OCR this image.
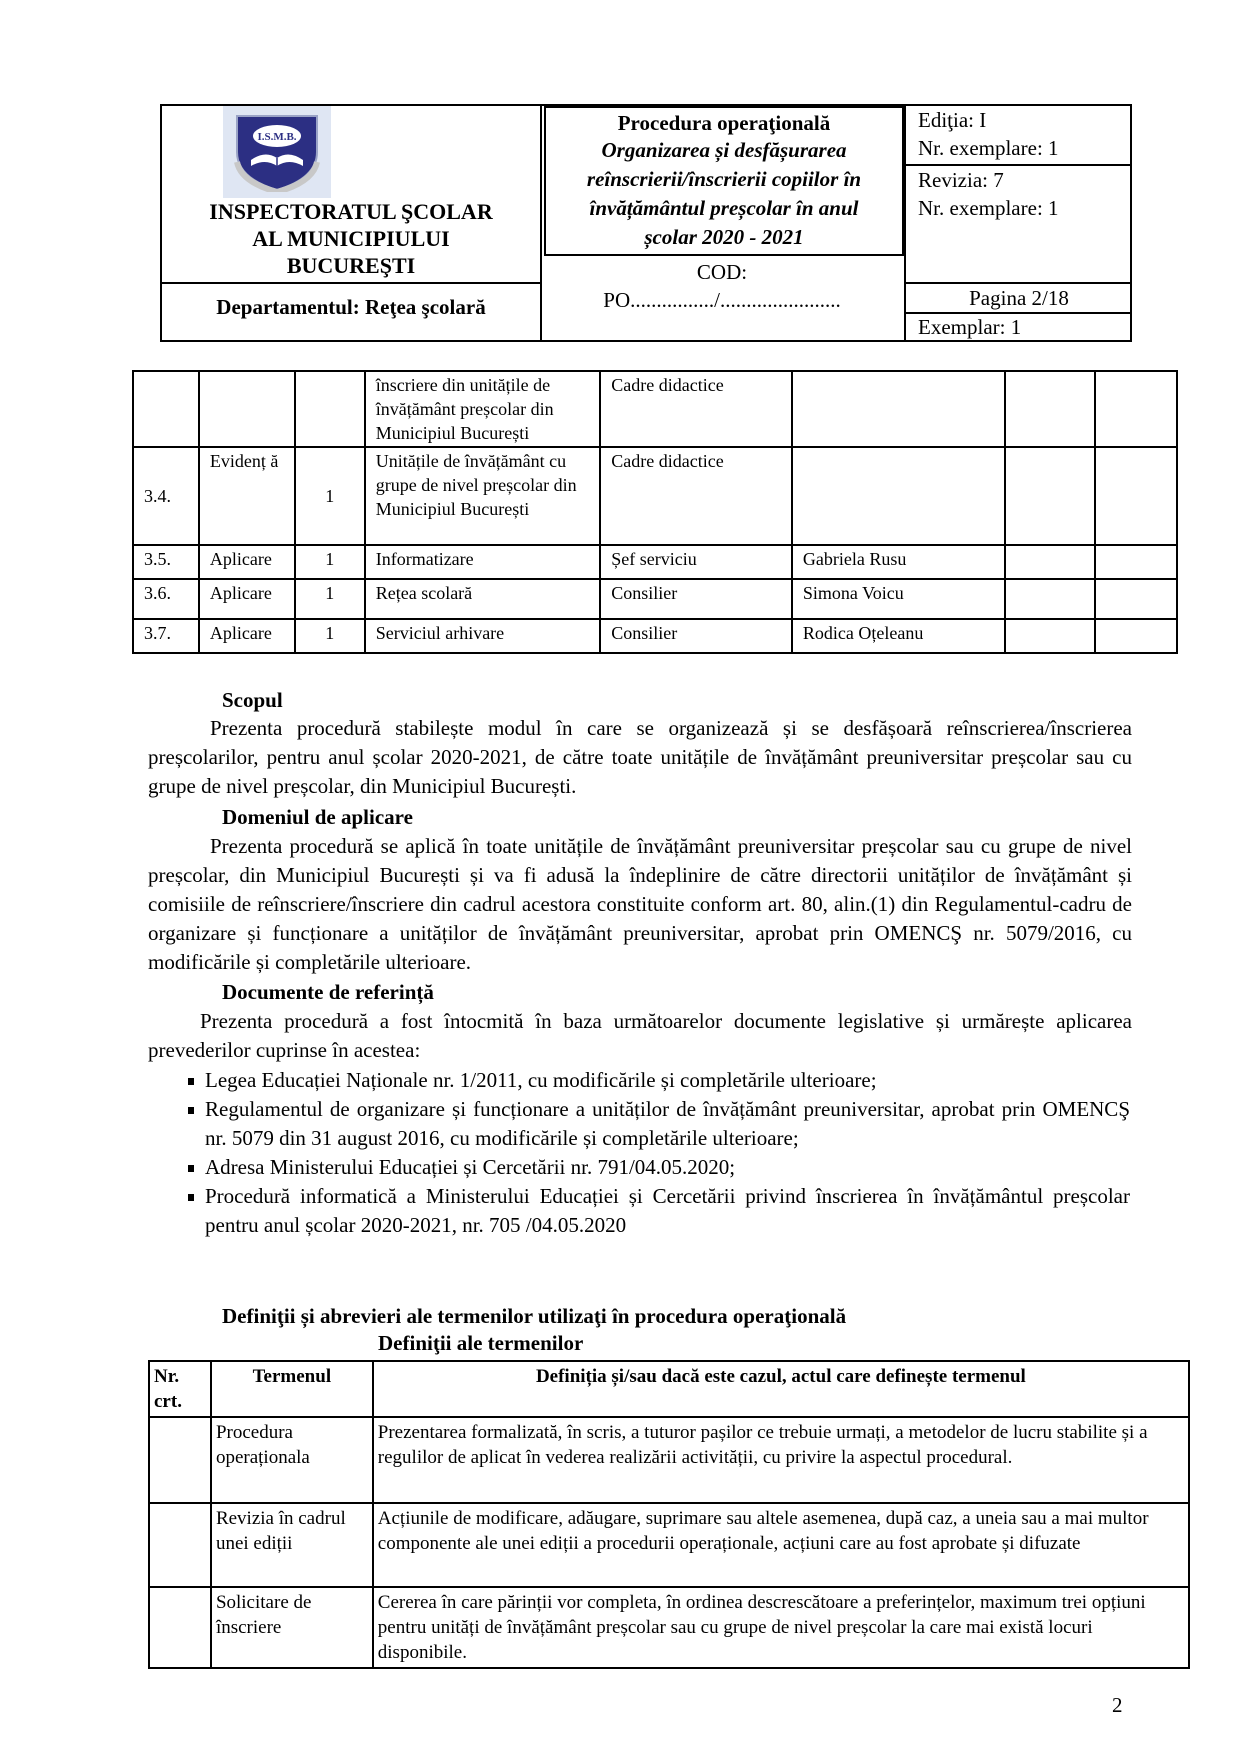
I.S.M.B.
INSPECTORATUL ŞCOLAR
AL MUNICIPIULUI
BUCUREŞTI
Departamentul: Reţea şcolară
Procedura operaţională
Organizarea și desfășurarea
reînscrierii/înscrierii copiilor în
învățământul preșcolar în anul
școlar 2020 - 2021
COD:
PO................/.......................
Ediţia: I
Nr. exemplare: 1
Revizia: 7
Nr. exemplare: 1
Pagina 2/18
Exemplar: 1
			înscriere din unitățile de învățământ preșcolar din Municipiul București	Cadre didactice			
3.4.	Evidenț ă	1	Unitățile de învățământ cu grupe de nivel preșcolar din Municipiul București	Cadre didactice			
3.5.	Aplicare	1	Informatizare	Șef serviciu	Gabriela Rusu		
3.6.	Aplicare	1	Rețea scolară	Consilier	Simona Voicu		
3.7.	Aplicare	1	Serviciul arhivare	Consilier	Rodica Oțeleanu		
Scopul
Prezenta procedură stabilește modul în care se organizează și se desfășoară reînscrierea/înscrierea preșcolarilor, pentru anul școlar 2020-2021, de către toate unitățile de învățământ preuniversitar preșcolar sau cu grupe de nivel preșcolar, din Municipiul București.
Domeniul de aplicare
Prezenta procedură se aplică în toate unitățile de învățământ preuniversitar preșcolar sau cu grupe de nivel preșcolar, din Municipiul București și va fi adusă la îndeplinire de către directorii unităților de învățământ și comisiile de reînscriere/înscriere din cadrul acestora constituite conform art. 80, alin.(1) din Regulamentul-cadru de organizare și funcționare a unităților de învățământ preuniversitar, aprobat prin OMENCŞ nr. 5079/2016, cu modificările și completările ulterioare.
Documente de referință
Prezenta procedură a fost întocmită în baza următoarelor documente legislative și urmărește aplicarea prevederilor cuprinse în acestea:
Legea Educației Naționale nr. 1/2011, cu modificările și completările ulterioare;
Regulamentul de organizare și funcționare a unităților de învățământ preuniversitar, aprobat prin OMENCŞ nr. 5079 din 31 august 2016, cu modificările și completările ulterioare;
Adresa Ministerului Educației și Cercetării nr. 791/04.05.2020;
Procedură informatică a Ministerului Educației și Cercetării privind înscrierea în învățământul preșcolar pentru anul școlar 2020-2021, nr. 705 /04.05.2020
Definiţii și abrevieri ale termenilor utilizaţi în procedura operaţională
Definiţii ale termenilor
Nr. crt.	Termenul	Definiția și/sau dacă este cazul, actul care definește termenul
	Procedura operaționala	Prezentarea formalizată, în scris, a tuturor pașilor ce trebuie urmați, a metodelor de lucru stabilite și a regulilor de aplicat în vederea realizării activității, cu privire la aspectul procedural.
	Revizia în cadrul unei ediții	Acțiunile de modificare, adăugare, suprimare sau altele asemenea, după caz, a uneia sau a mai multor componente ale unei ediții a procedurii operaționale, acțiuni care au fost aprobate și difuzate
	Solicitare de înscriere	Cererea în care părinții vor completa, în ordinea descrescătoare a preferințelor, maximum trei opțiuni pentru unități de învățământ preșcolar sau cu grupe de nivel preșcolar la care mai există locuri disponibile.
2
